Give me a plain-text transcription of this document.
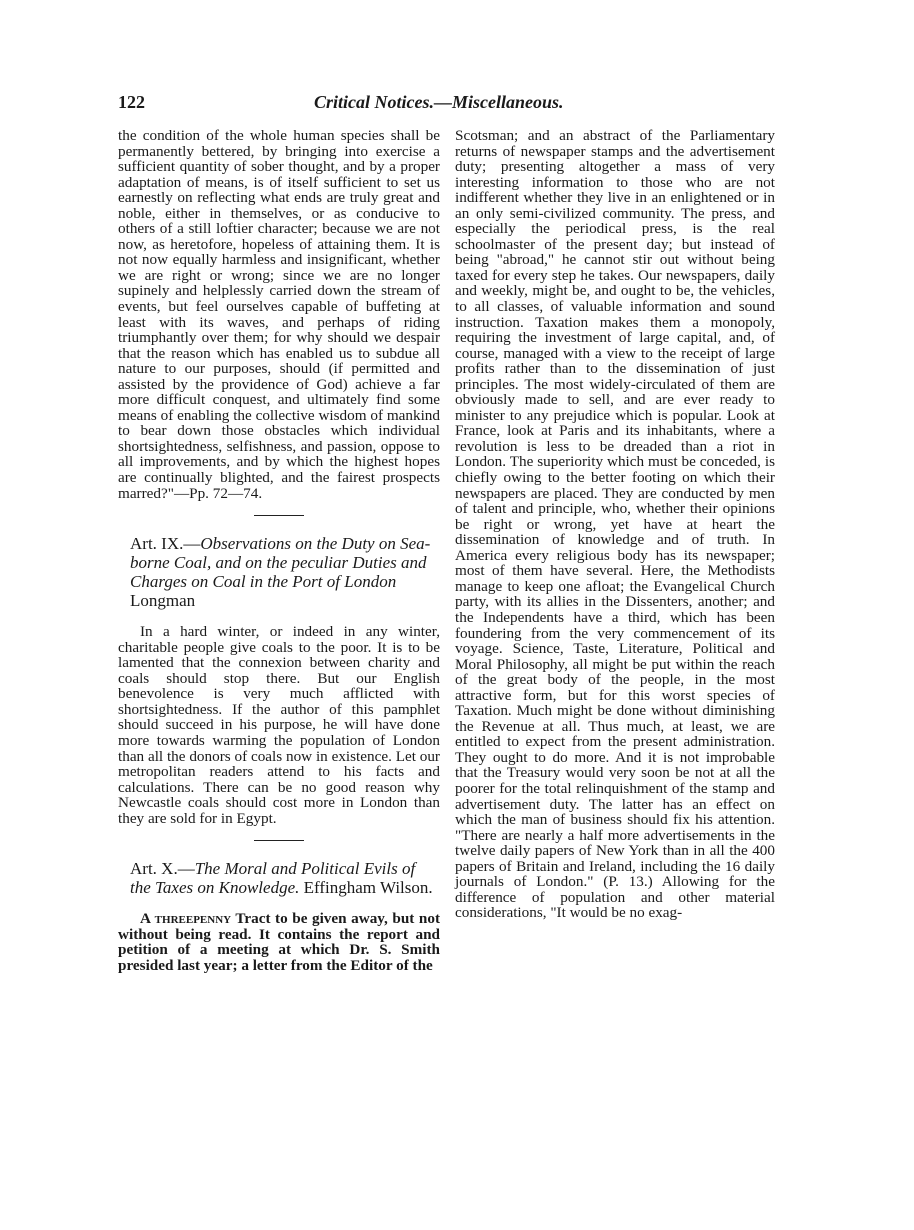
122	Critical Notices.—Miscellaneous.

the condition of the whole human species shall be permanently bettered, by bringing into exercise a sufficient quantity of sober thought, and by a proper adaptation of means, is of itself sufficient to set us earnestly on reflecting what ends are truly great and noble, either in themselves, or as conducive to others of a still loftier character; because we are not now, as heretofore, hopeless of attaining them. It is not now equally harmless and insignificant, whether we are right or wrong; since we are no longer supinely and helplessly carried down the stream of events, but feel ourselves capable of buffeting at least with its waves, and perhaps of riding triumphantly over them; for why should we despair that the reason which has enabled us to subdue all nature to our purposes, should (if permitted and assisted by the providence of God) achieve a far more difficult conquest, and ultimately find some means of enabling the collective wisdom of mankind to bear down those obstacles which individual shortsightedness, selfishness, and passion, oppose to all improvements, and by which the highest hopes are continually blighted, and the fairest prospects marred?"—Pp. 72—74.

Art. IX.—Observations on the Duty on Sea-borne Coal, and on the peculiar Duties and Charges on Coal in the Port of London Longman

In a hard winter, or indeed in any winter, charitable people give coals to the poor. It is to be lamented that the connexion between charity and coals should stop there. But our English benevolence is very much afflicted with shortsightedness. If the author of this pamphlet should succeed in his purpose, he will have done more towards warming the population of London than all the donors of coals now in existence. Let our metropolitan readers attend to his facts and calculations. There can be no good reason why Newcastle coals should cost more in London than they are sold for in Egypt.

Art. X.—The Moral and Political Evils of the Taxes on Knowledge. Effingham Wilson.

A threepenny Tract to be given away, but not without being read. It contains the report and petition of a meeting at which Dr. S. Smith presided last year; a letter from the Editor of the

Scotsman; and an abstract of the Parliamentary returns of newspaper stamps and the advertisement duty; presenting altogether a mass of very interesting information to those who are not indifferent whether they live in an enlightened or in an only semi-civilized community. The press, and especially the periodical press, is the real schoolmaster of the present day; but instead of being "abroad," he cannot stir out without being taxed for every step he takes. Our newspapers, daily and weekly, might be, and ought to be, the vehicles, to all classes, of valuable information and sound instruction. Taxation makes them a monopoly, requiring the investment of large capital, and, of course, managed with a view to the receipt of large profits rather than to the dissemination of just principles. The most widely-circulated of them are obviously made to sell, and are ever ready to minister to any prejudice which is popular. Look at France, look at Paris and its inhabitants, where a revolution is less to be dreaded than a riot in London. The superiority which must be conceded, is chiefly owing to the better footing on which their newspapers are placed. They are conducted by men of talent and principle, who, whether their opinions be right or wrong, yet have at heart the dissemination of knowledge and of truth. In America every religious body has its newspaper; most of them have several. Here, the Methodists manage to keep one afloat; the Evangelical Church party, with its allies in the Dissenters, another; and the Independents have a third, which has been foundering from the very commencement of its voyage. Science, Taste, Literature, Political and Moral Philosophy, all might be put within the reach of the great body of the people, in the most attractive form, but for this worst species of Taxation. Much might be done without diminishing the Revenue at all. Thus much, at least, we are entitled to expect from the present administration. They ought to do more. And it is not improbable that the Treasury would very soon be not at all the poorer for the total relinquishment of the stamp and advertisement duty. The latter has an effect on which the man of business should fix his attention. "There are nearly a half more advertisements in the twelve daily papers of New York than in all the 400 papers of Britain and Ireland, including the 16 daily journals of London." (P. 13.) Allowing for the difference of population and other material considerations, "It would be no exag-
